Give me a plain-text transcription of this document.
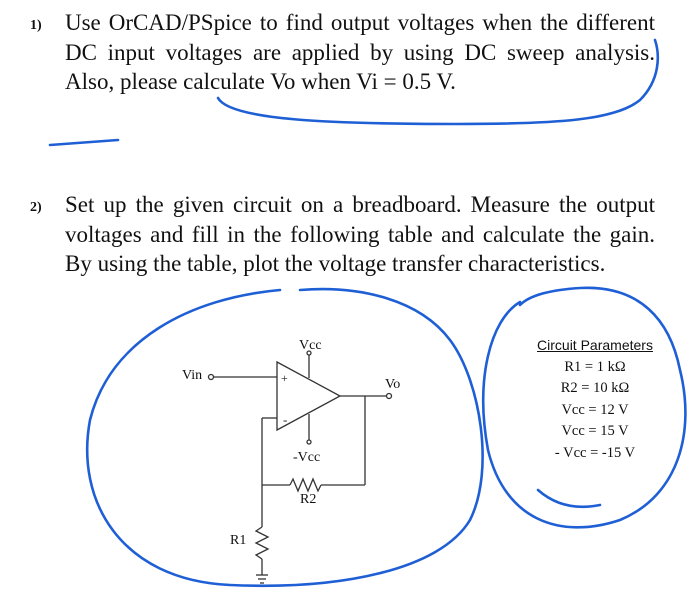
1) Use OrCAD/PSpice to find output voltages when the different DC input voltages are applied by using DC sweep analysis. Also, please calculate Vo when Vi = 0.5 V.
2) Set up the given circuit on a breadboard. Measure the output voltages and fill in the following table and calculate the gain. By using the table, plot the voltage transfer characteristics.
+
-
Vin
Vcc
Vo
-Vcc
R2
R1
Circuit Parameters
R1 = 1 kΩ
R2 = 10 kΩ
Vcc = 12 V
Vcc = 15 V
- Vcc = -15 V
